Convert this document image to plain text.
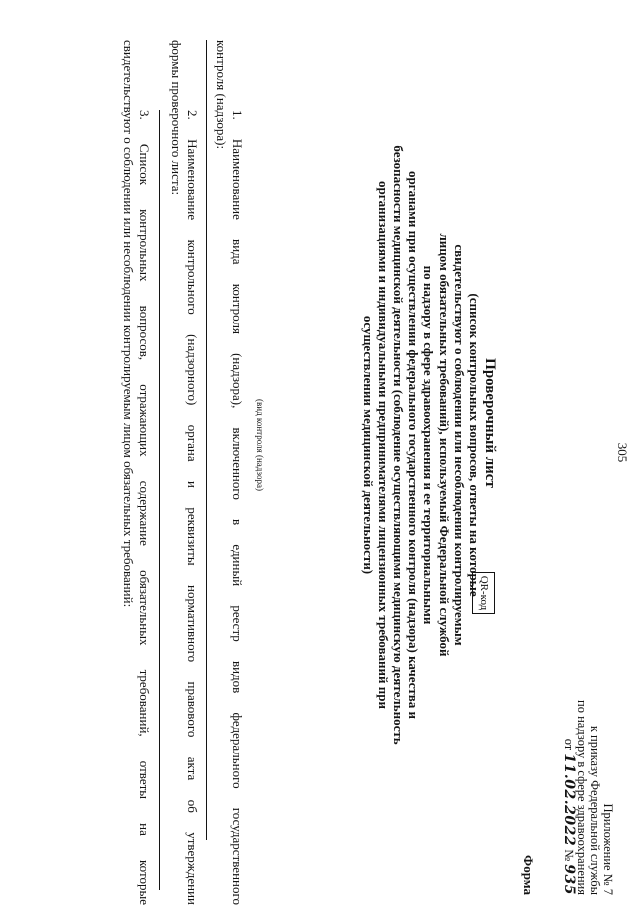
305
Приложение № 7
к приказу Федеральной службы
по надзору в сфере здравоохранения
от 11.02.2022 № 935
Форма
QR-код
Проверочный лист
(список контрольных вопросов, ответы на которые
свидетельствуют о соблюдении или несоблюдении контролируемым
лицом обязательных требований), используемый Федеральной службой
по надзору в сфере здравоохранения и ее территориальными
органами при осуществлении федерального государственного контроля (надзора) качества и
безопасности медицинской деятельности (соблюдение осуществляющими медицинскую деятельность
организациями и индивидуальными предпринимателями лицензионных требований при
осуществлении медицинской деятельности)
(вид контроля (надзора)
1. Наименование вида контроля (надзора), включенного в единый реестр видов федерального государственного
контроля (надзора):
2. Наименование контрольного (надзорного) органа и реквизиты нормативного правового акта об утверждении
формы проверочного листа:
3. Список контрольных вопросов, отражающих содержание обязательных требований, ответы на которые
свидетельствуют о соблюдении или несоблюдении контролируемым лицом обязательных требований:
